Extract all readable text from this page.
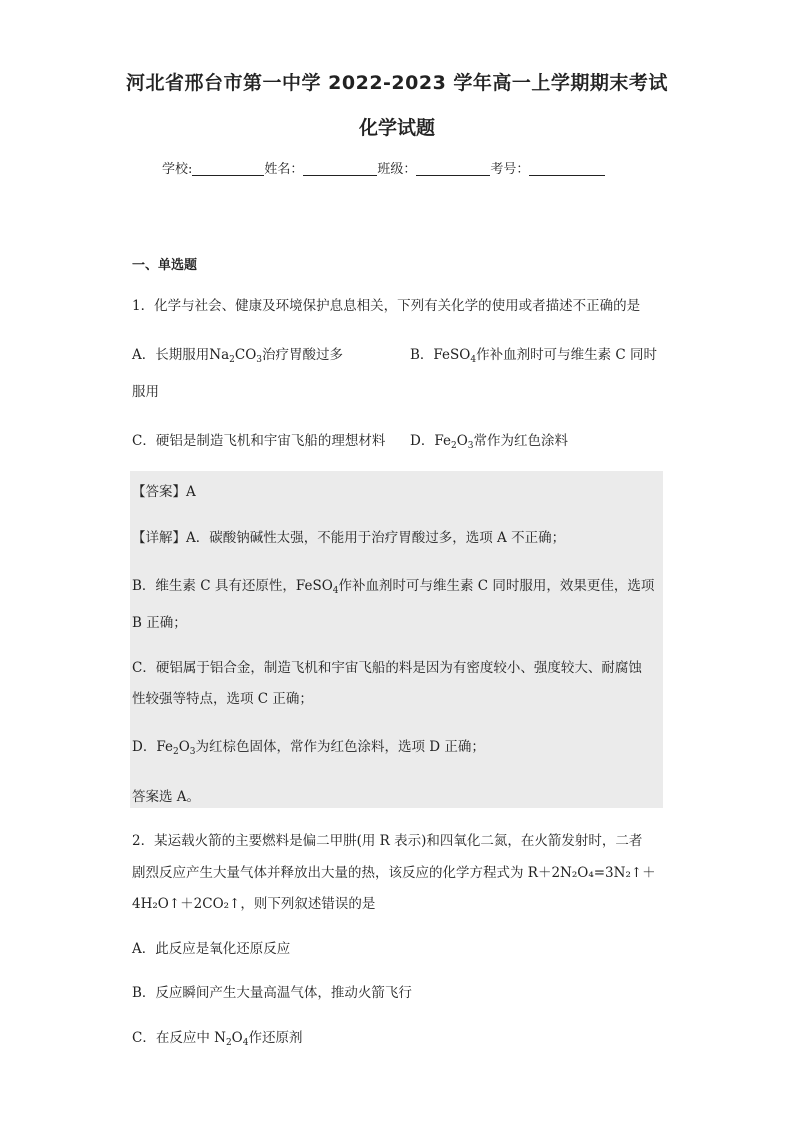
河北省邢台市第一中学 2022-2023 学年高一上学期期末考试
化学试题
学校:	姓名：	班级：	考号：
一、单选题
1．化学与社会、健康及环境保护息息相关，下列有关化学的使用或者描述不正确的是
A．长期服用$Na_2CO_3$治疗胃酸过多	B．FeSO$_4$作补血剂时可与维生素 C 同时
服用
C．硬铝是制造飞机和宇宙飞船的理想材料 D．$Fe_2O_3$常作为红色涂料
【答案】A
【详解】A．碳酸钠碱性太强，不能用于治疗胃酸过多，选项 A 不正确；
B．维生素 C 具有还原性，FeSO$_4$作补血剂时可与维生素 C 同时服用，效果更佳，选项
B 正确；
C．硬铝属于铝合金，制造飞机和宇宙飞船的料是因为有密度较小、强度较大、耐腐蚀
性较强等特点，选项 C 正确；
D．$Fe_2O_3$为红棕色固体，常作为红色涂料，选项 D 正确；
答案选 A。
2．某运载火箭的主要燃料是偏二甲肼(用 R 表示)和四氧化二氮，在火箭发射时，二者
剧烈反应产生大量气体并释放出大量的热，该反应的化学方程式为 R＋2N₂O₄=3N₂↑＋
4H₂O↑＋2CO₂↑，则下列叙述错误的是
A．此反应是氧化还原反应
B．反应瞬间产生大量高温气体，推动火箭飞行
C．在反应中 $N_2O_4$作还原剂
